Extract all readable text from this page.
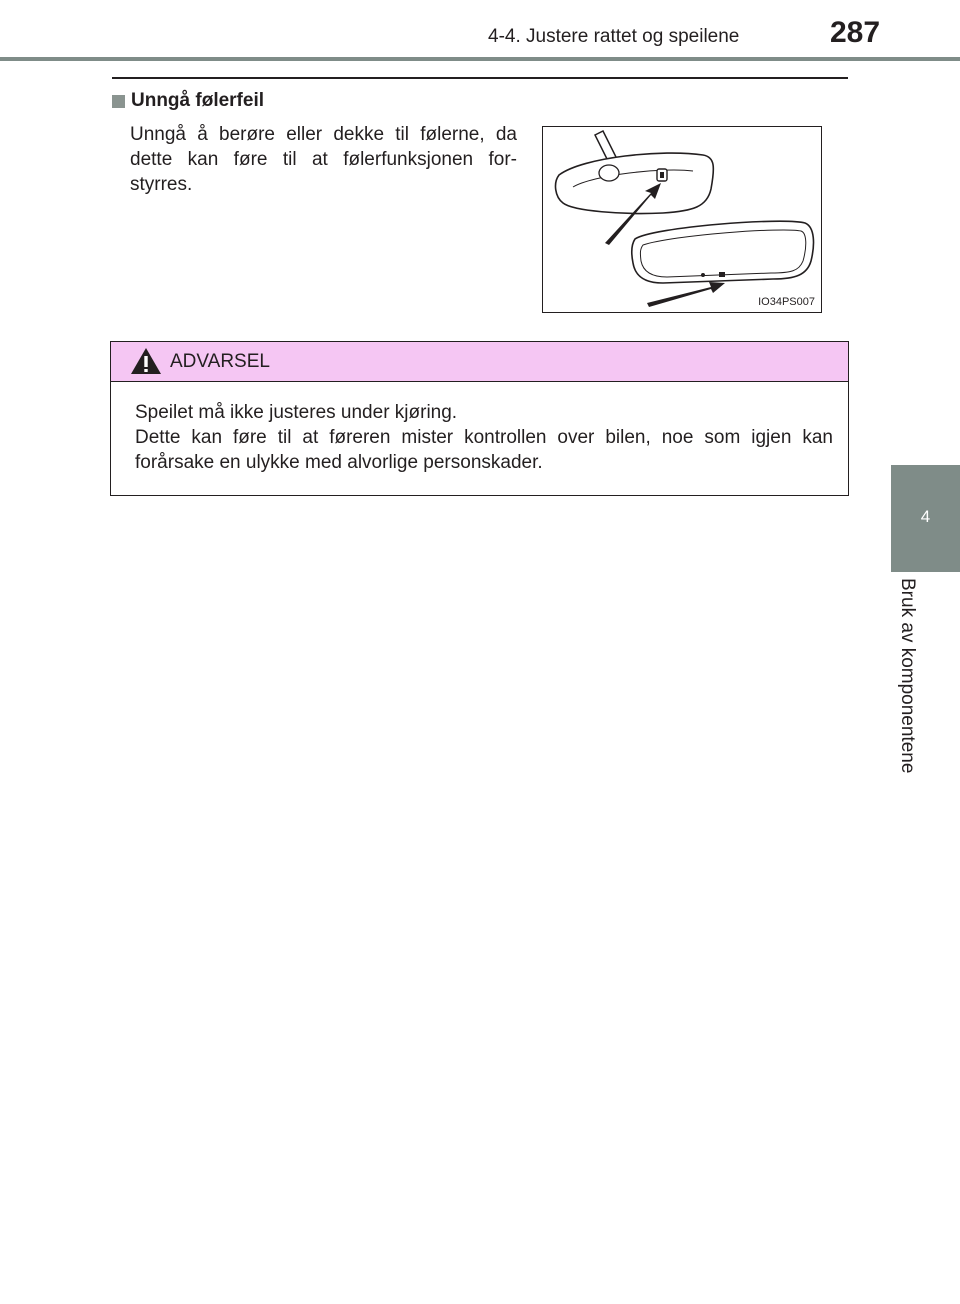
4-4. Justere rattet og speilene	287
4
Bruk av komponentene
Unngå følerfeil
Unngå å berøre eller dekke til følerne, da
dette kan føre til at følerfunksjonen for-
styrres.
IO34PS007
ADVARSEL
Speilet må ikke justeres under kjøring.
Dette kan føre til at føreren mister kontrollen over bilen, noe som igjen kan
forårsake en ulykke med alvorlige personskader.
